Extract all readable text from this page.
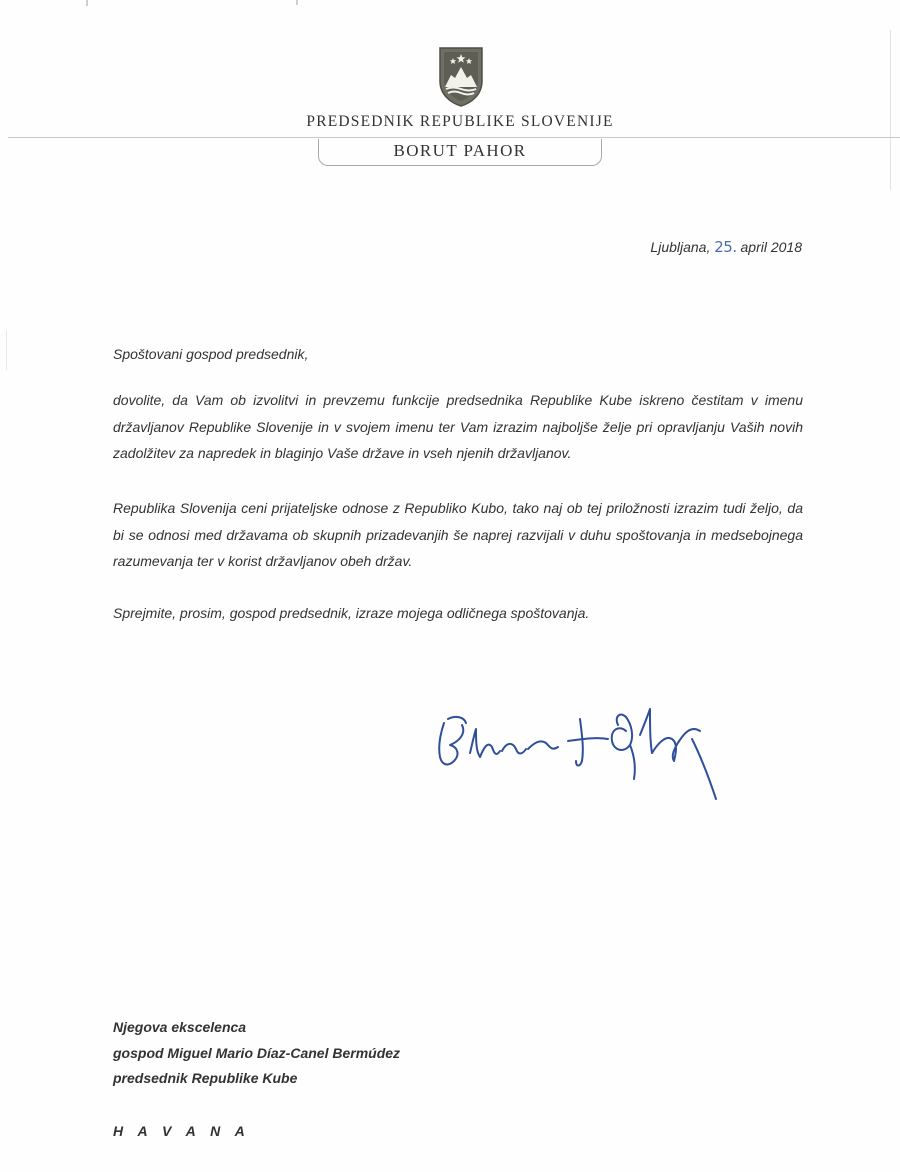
PREDSEDNIK REPUBLIKE SLOVENIJE
BORUT PAHOR
Ljubljana, 25. april 2018
Spoštovani gospod predsednik,
dovolite, da Vam ob izvolitvi in prevzemu funkcije predsednika Republike Kube iskreno čestitam v imenu državljanov Republike Slovenije in v svojem imenu ter Vam izrazim najboljše želje pri opravljanju Vaših novih zadolžitev za napredek in blaginjo Vaše države in vseh njenih državljanov.
Republika Slovenija ceni prijateljske odnose z Republiko Kubo, tako naj ob tej priložnosti izrazim tudi željo, da bi se odnosi med državama ob skupnih prizadevanjih še naprej razvijali v duhu spoštovanja in medsebojnega razumevanja ter v korist državljanov obeh držav.
Sprejmite, prosim, gospod predsednik, izraze mojega odličnega spoštovanja.
Njegova ekscelenca
gospod Miguel Mario Díaz-Canel Bermúdez
predsednik Republike Kube
H A V A N A
